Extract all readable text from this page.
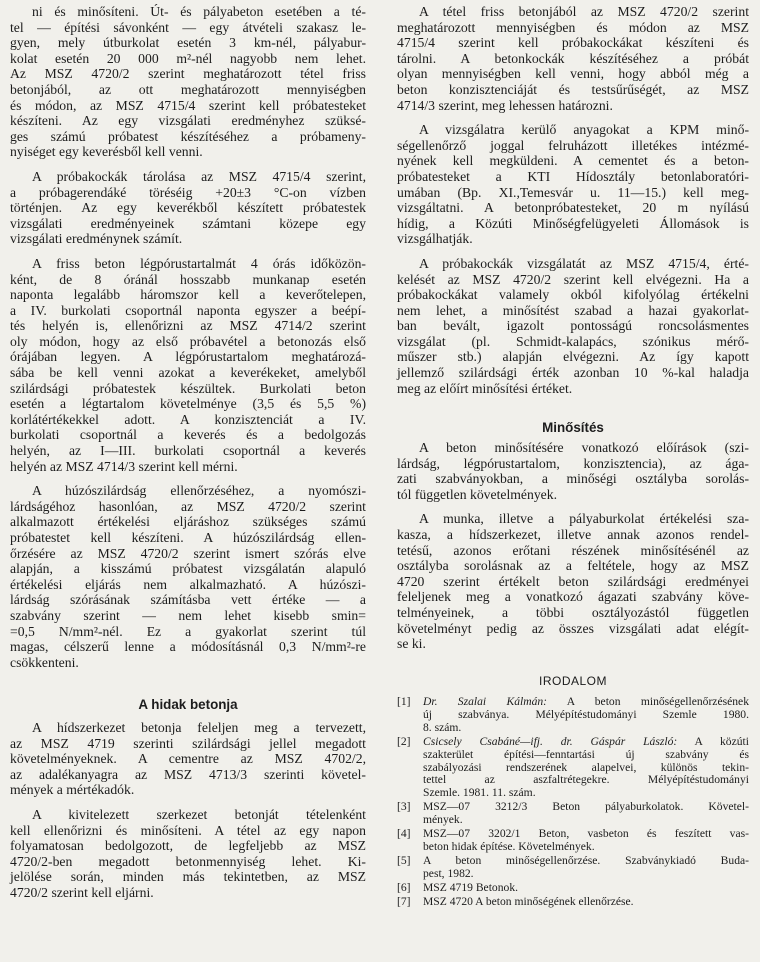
ni és minősíteni. Út- és pályabeton esetében a té-
tel — építési sávonként — egy átvételi szakasz le-
gyen, mely útburkolat esetén 3 km-nél, pályabur-
kolat esetén 20 000 m²-nél nagyobb nem lehet.
Az MSZ 4720/2 szerint meghatározott tétel friss
betonjából, az ott meghatározott mennyiségben
és módon, az MSZ 4715/4 szerint kell próbatesteket
készíteni. Az egy vizsgálati eredményhez szüksé-
ges számú próbatest készítéséhez a próbameny-
nyiséget egy keverésből kell venni.

A próbakockák tárolása az MSZ 4715/4 szerint,
a próbagerendáké töréséig +20±3 °C-on vízben
történjen. Az egy keverékből készített próbatestek
vizsgálati eredményeinek számtani közepe egy
vizsgálati eredménynek számít.

A friss beton légpórustartalmát 4 órás időközön-
ként, de 8 óránál hosszabb munkanap esetén
naponta legalább háromszor kell a keverőtelepen,
a IV. burkolati csoportnál naponta egyszer a beépí-
tés helyén is, ellenőrizni az MSZ 4714/2 szerint
oly módon, hogy az első próbavétel a betonozás első
órájában legyen. A légpórustartalom meghatározá-
sába be kell venni azokat a keverékeket, amelyből
szilárdsági próbatestek készültek. Burkolati beton
esetén a légtartalom követelménye (3,5 és 5,5 %)
korlátértékekkel adott. A konzisztenciát a IV.
burkolati csoportnál a keverés és a bedolgozás
helyén, az I—III. burkolati csoportnál a keverés
helyén az MSZ 4714/3 szerint kell mérni.

A húzószilárdság ellenőrzéséhez, a nyomószi-
lárdságéhoz hasonlóan, az MSZ 4720/2 szerint
alkalmazott értékelési eljáráshoz szükséges számú
próbatestet kell készíteni. A húzószilárdság ellen-
őrzésére az MSZ 4720/2 szerint ismert szórás elve
alapján, a kisszámú próbatest vizsgálatán alapuló
értékelési eljárás nem alkalmazható. A húzószi-
lárdság szórásának számításba vett értéke — a
szabvány szerint — nem lehet kisebb smin=
=0,5 N/mm²-nél. Ez a gyakorlat szerint túl
magas, célszerű lenne a módosításnál 0,3 N/mm²-re
csökkenteni.

A hidak betonja

A hídszerkezet betonja feleljen meg a tervezett,
az MSZ 4719 szerinti szilárdsági jellel megadott
követelményeknek. A cementre az MSZ 4702/2,
az adalékanyagra az MSZ 4713/3 szerinti követel-
mények a mértékadók.

A kivitelezett szerkezet betonját tételenként
kell ellenőrizni és minősíteni. A tétel az egy napon
folyamatosan bedolgozott, de legfeljebb az MSZ
4720/2-ben megadott betonmennyiség lehet. Ki-
jelölése során, minden más tekintetben, az MSZ
4720/2 szerint kell eljárni.

A tétel friss betonjából az MSZ 4720/2 szerint
meghatározott mennyiségben és módon az MSZ
4715/4 szerint kell próbakockákat készíteni és
tárolni. A betonkockák készítéséhez a próbát
olyan mennyiségben kell venni, hogy abból még a
beton konzisztenciáját és testsűrűségét, az MSZ
4714/3 szerint, meg lehessen határozni.

A vizsgálatra kerülő anyagokat a KPM minő-
ségellenőrző joggal felruházott illetékes intézmé-
nyének kell megküldeni. A cementet és a beton-
próbatesteket a KTI Hídosztály betonlaboratóri-
umában (Bp. XI.,Temesvár u. 11—15.) kell meg-
vizsgáltatni. A betonpróbatesteket, 20 m nyílású
hídig, a Közúti Minőségfelügyeleti Állomások is
vizsgálhatják.

A próbakockák vizsgálatát az MSZ 4715/4, érté-
kelését az MSZ 4720/2 szerint kell elvégezni. Ha a
próbakockákat valamely okból kifolyólag értékelni
nem lehet, a minősítést szabad a hazai gyakorlat-
ban bevált, igazolt pontosságú roncsolásmentes
vizsgálat (pl. Schmidt-kalapács, szónikus mérő-
műszer stb.) alapján elvégezni. Az így kapott
jellemző szilárdsági érték azonban 10 %-kal haladja
meg az előírt minősítési értéket.

Minősítés

A beton minősítésére vonatkozó előírások (szi-
lárdság, légpórustartalom, konzisztencia), az ága-
zati szabványokban, a minőségi osztályba sorolás-
tól független követelmények.

A munka, illetve a pályaburkolat értékelési sza-
kasza, a hídszerkezet, illetve annak azonos rendel-
tetésű, azonos erőtani részének minősítésénél az
osztályba sorolásnak az a feltétele, hogy az MSZ
4720 szerint értékelt beton szilárdsági eredményei
feleljenek meg a vonatkozó ágazati szabvány köve-
telményeinek, a többi osztályozástól független
követelményt pedig az összes vizsgálati adat elégít-
se ki.

IRODALOM
[1] Dr. Szalai Kálmán: A beton minőségellenőrzésének
új szabványa. Mélyépítéstudományi Szemle 1980.
8. szám.
[2] Csicsely Csabáné—ifj. dr. Gáspár László: A közúti
szakterület építési—fenntartási új szabvány és
szabályozási rendszerének alapelvei, különös tekin-
tettel az aszfaltrétegekre. Mélyépítéstudományi
Szemle. 1981. 11. szám.
[3] MSZ—07 3212/3 Beton pályaburkolatok. Követel-
mények.
[4] MSZ—07 3202/1 Beton, vasbeton és feszített vas-
beton hidak építése. Követelmények.
[5] A beton minőségellenőrzése. Szabványkiadó Buda-
pest, 1982.
[6] MSZ 4719 Betonok.
[7] MSZ 4720 A beton minőségének ellenőrzése.
